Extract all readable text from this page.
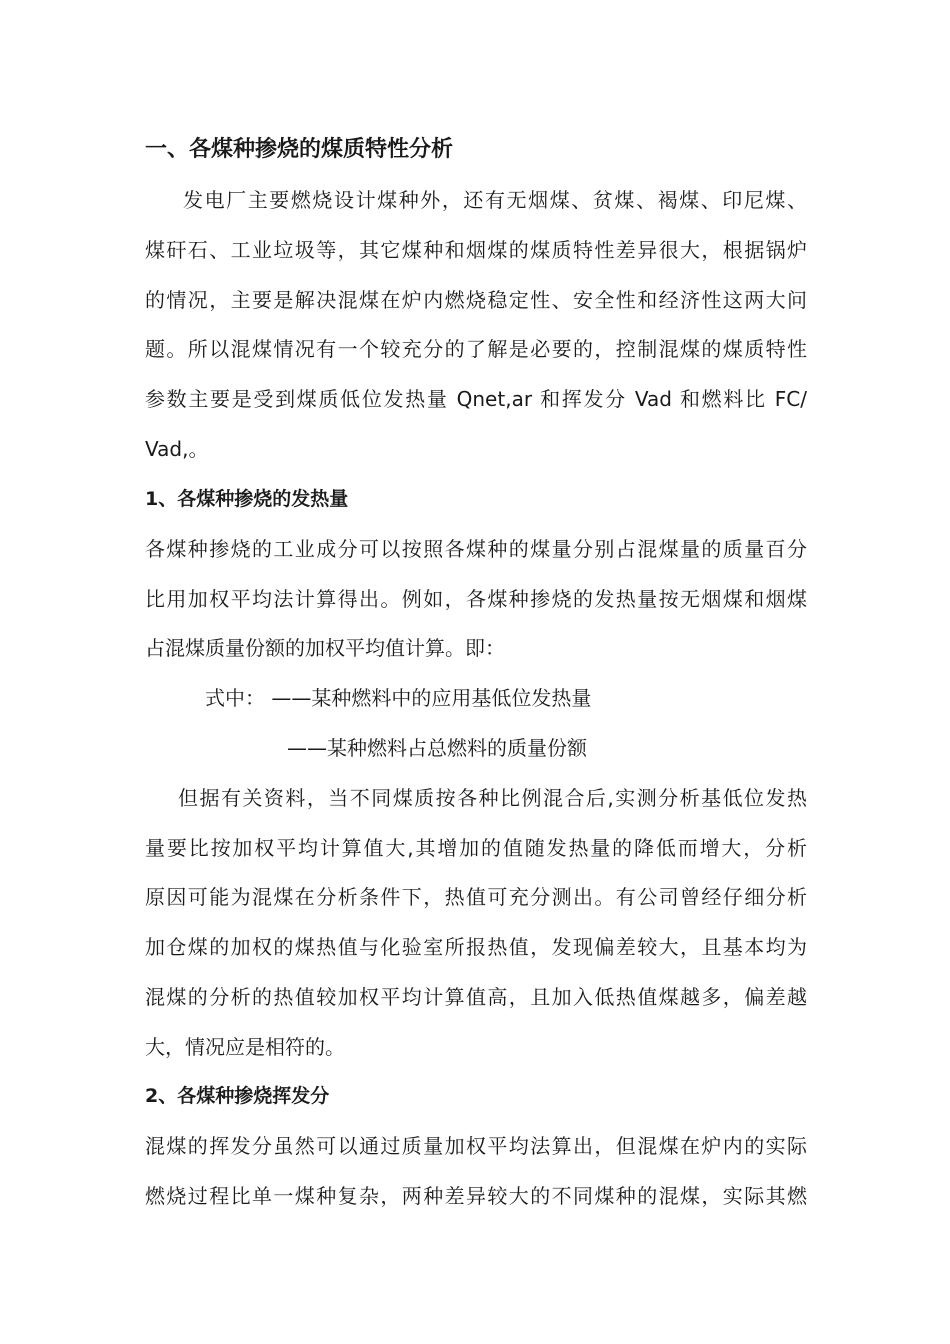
一、各煤种掺烧的煤质特性分析
发电厂主要燃烧设计煤种外，还有无烟煤、贫煤、褐煤、印尼煤、
煤矸石、工业垃圾等，其它煤种和烟煤的煤质特性差异很大，根据锅炉
的情况，主要是解决混煤在炉内燃烧稳定性、安全性和经济性这两大问
题。所以混煤情况有一个较充分的了解是必要的，控制混煤的煤质特性
参数主要是受到煤质低位发热量 Qnet,ar 和挥发分 Vad 和燃料比 FC/
Vad,。
1、各煤种掺烧的发热量
各煤种掺烧的工业成分可以按照各煤种的煤量分别占混煤量的质量百分
比用加权平均法计算得出。例如，各煤种掺烧的发热量按无烟煤和烟煤
占混煤质量份额的加权平均值计算。即：
式中： ——某种燃料中的应用基低位发热量
——某种燃料占总燃料的质量份额
但据有关资料，当不同煤质按各种比例混合后,实测分析基低位发热
量要比按加权平均计算值大,其增加的值随发热量的降低而增大，分析
原因可能为混煤在分析条件下，热值可充分测出。有公司曾经仔细分析
加仓煤的加权的煤热值与化验室所报热值，发现偏差较大，且基本均为
混煤的分析的热值较加权平均计算值高，且加入低热值煤越多，偏差越
大，情况应是相符的。
2、各煤种掺烧挥发分
混煤的挥发分虽然可以通过质量加权平均法算出，但混煤在炉内的实际
燃烧过程比单一煤种复杂，两种差异较大的不同煤种的混煤，实际其燃
